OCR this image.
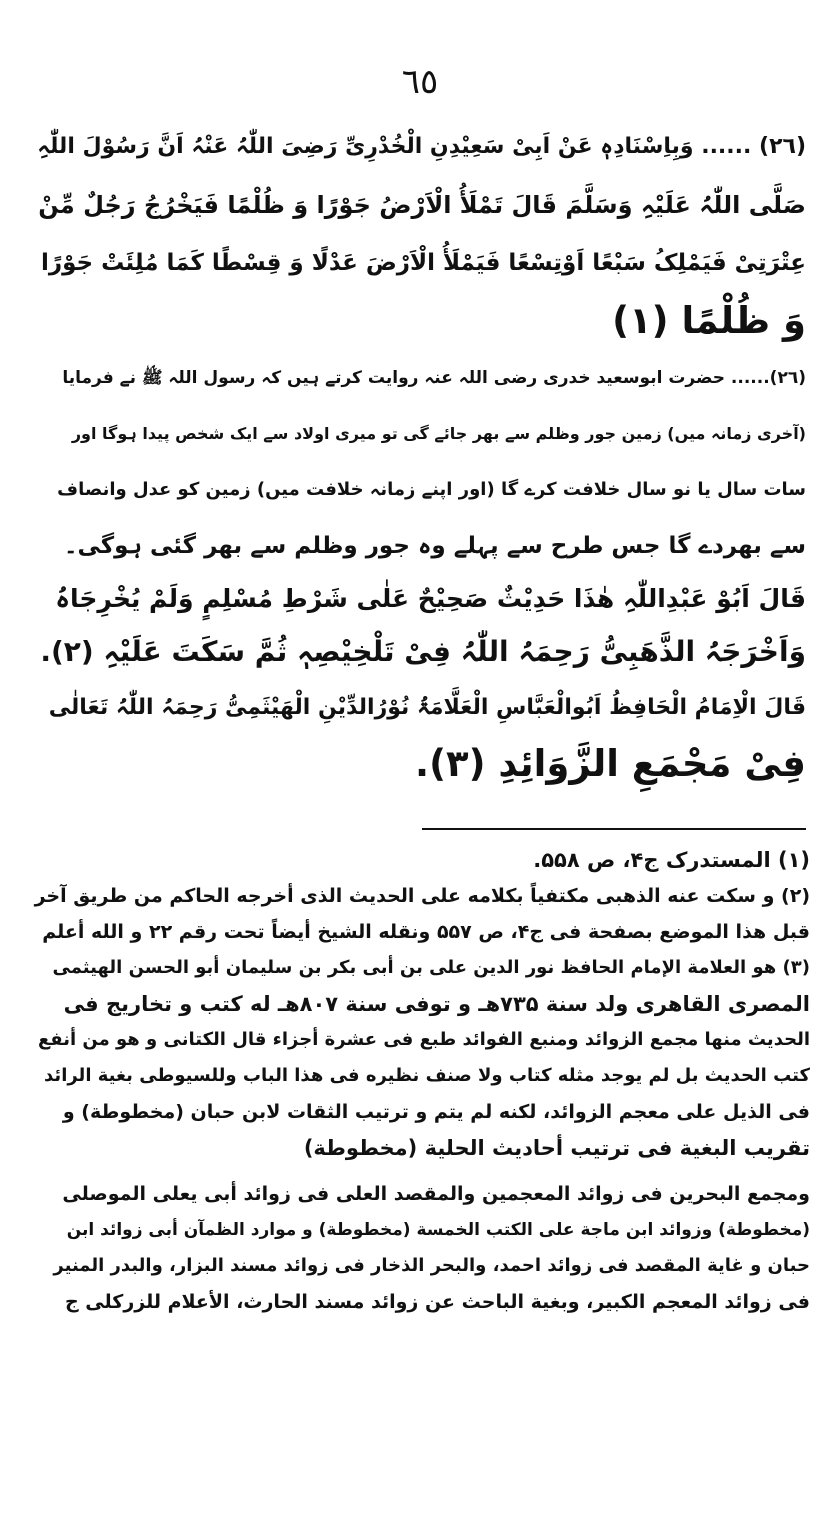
٦٥
(٢٦) ...... وَبِاِسْنَادِهٖ عَنْ اَبِیْ سَعِیْدِنِ الْخُدْرِیِّ رَضِیَ اللّٰہُ عَنْہُ اَنَّ رَسُوْلَ اللّٰہِ
صَلَّی اللّٰہُ عَلَیْہِ وَسَلَّمَ قَالَ تَمْلَأُ الْاَرْضُ جَوْرًا وَ ظُلْمًا فَیَخْرُجُ رَجُلٌ مِّنْ
عِتْرَتِیْ فَیَمْلِکُ سَبْعًا اَوْتِسْعًا فَیَمْلَأُ الْاَرْضَ عَدْلًا وَ قِسْطًا کَمَا مُلِئَتْ جَوْرًا
وَ ظُلْمًا (١)
(٢٦)...... حضرت ابوسعید خدری رضی اللہ عنہ روایت کرتے ہیں کہ رسول اللہ ﷺ نے فرمایا
(آخری زمانہ میں) زمین جور وظلم سے بھر جائے گی تو میری اولاد سے ایک شخص پیدا ہوگا اور
سات سال یا نو سال خلافت کرے گا (اور اپنے زمانہ خلافت میں) زمین کو عدل وانصاف
سے بھردے گا جس طرح سے پہلے وہ جور وظلم سے بھر گئی ہوگی۔
قَالَ اَبُوْ عَبْدِاللّٰہِ ھٰذَا حَدِیْثٌ صَحِیْحٌ عَلٰی شَرْطِ مُسْلِمٍ وَلَمْ یُخْرِجَاہُ
وَاَخْرَجَہُ الذَّھَبِیُّ رَحِمَہُ اللّٰہُ فِیْ تَلْخِیْصِہٖ ثُمَّ سَکَتَ عَلَیْہِ (٢).
قَالَ الْاِمَامُ الْحَافِظُ اَبُوالْعَبَّاسِ الْعَلَّامَۃُ نُوْرُالدِّیْنِ الْھَیْثَمِیُّ رَحِمَہُ اللّٰہُ تَعَالٰی
فِیْ مَجْمَعِ الزَّوَائِدِ (٣).
(١) المستدرک ج۴، ص ۵۵۸.
(٢) و سکت عنه الذهبی مکتفیاً بکلامه علی الحدیث الذی أخرجه الحاکم من طریق آخر
قبل هذا الموضع بصفحة فی ج۴، ص ۵۵۷ ونقله الشیخ أیضاً تحت رقم ٢٢ و الله أعلم
(٣) هو العلامة الإمام الحافظ نور الدین علی بن أبی بکر بن سلیمان أبو الحسن الهیثمی
المصری القاهری ولد سنة ۷۳۵هـ و توفی سنة ۸۰۷هـ له کتب و تخاریج فی
الحدیث منها مجمع الزوائد ومنبع الفوائد طبع فی عشرة أجزاء قال الکتانی و هو من أنفع
کتب الحدیث بل لم یوجد مثله کتاب ولا صنف نظیره فی هذا الباب وللسیوطی بغیة الرائد
فی الذیل علی معجم الزوائد، لکنه لم یتم و ترتیب الثقات لابن حبان (مخطوطة) و
تقریب البغیة فی ترتیب أحادیث الحلیة (مخطوطة)
ومجمع البحرین فی زوائد المعجمین والمقصد العلی فی زوائد أبی یعلی الموصلی
(مخطوطة) وزوائد ابن ماجة علی الکتب الخمسة (مخطوطة) و موارد الظمآن أبی زوائد ابن
حبان و غایة المقصد فی زوائد احمد، والبحر الذخار فی زوائد مسند البزار، والبدر المنیر
فی زوائد المعجم الکبیر، وبغیة الباحث عن زوائد مسند الحارث، الأعلام للزرکلی ج
